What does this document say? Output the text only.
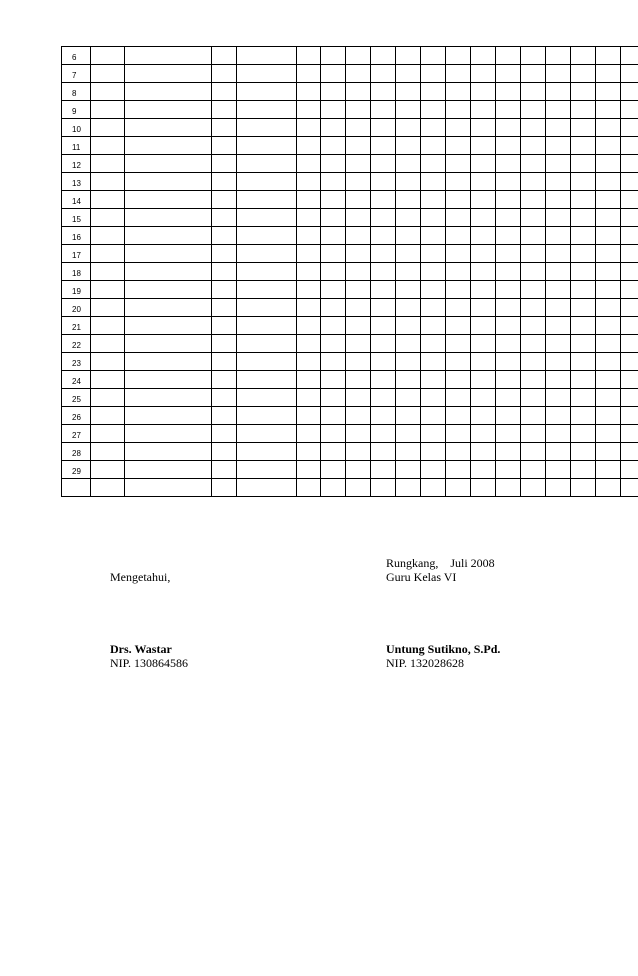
6																			
7																			
8																			
9																			
10																			
11																			
12																			
13																			
14																			
15																			
16																			
17																			
18																			
19																			
20																			
21																			
22																			
23																			
24																			
25																			
26																			
27																			
28																			
29																			

Mengetahui,
Drs. Wastar
NIP. 130864586
Rungkang,    Juli 2008
Guru Kelas VI
Untung Sutikno, S.Pd.
NIP. 132028628
